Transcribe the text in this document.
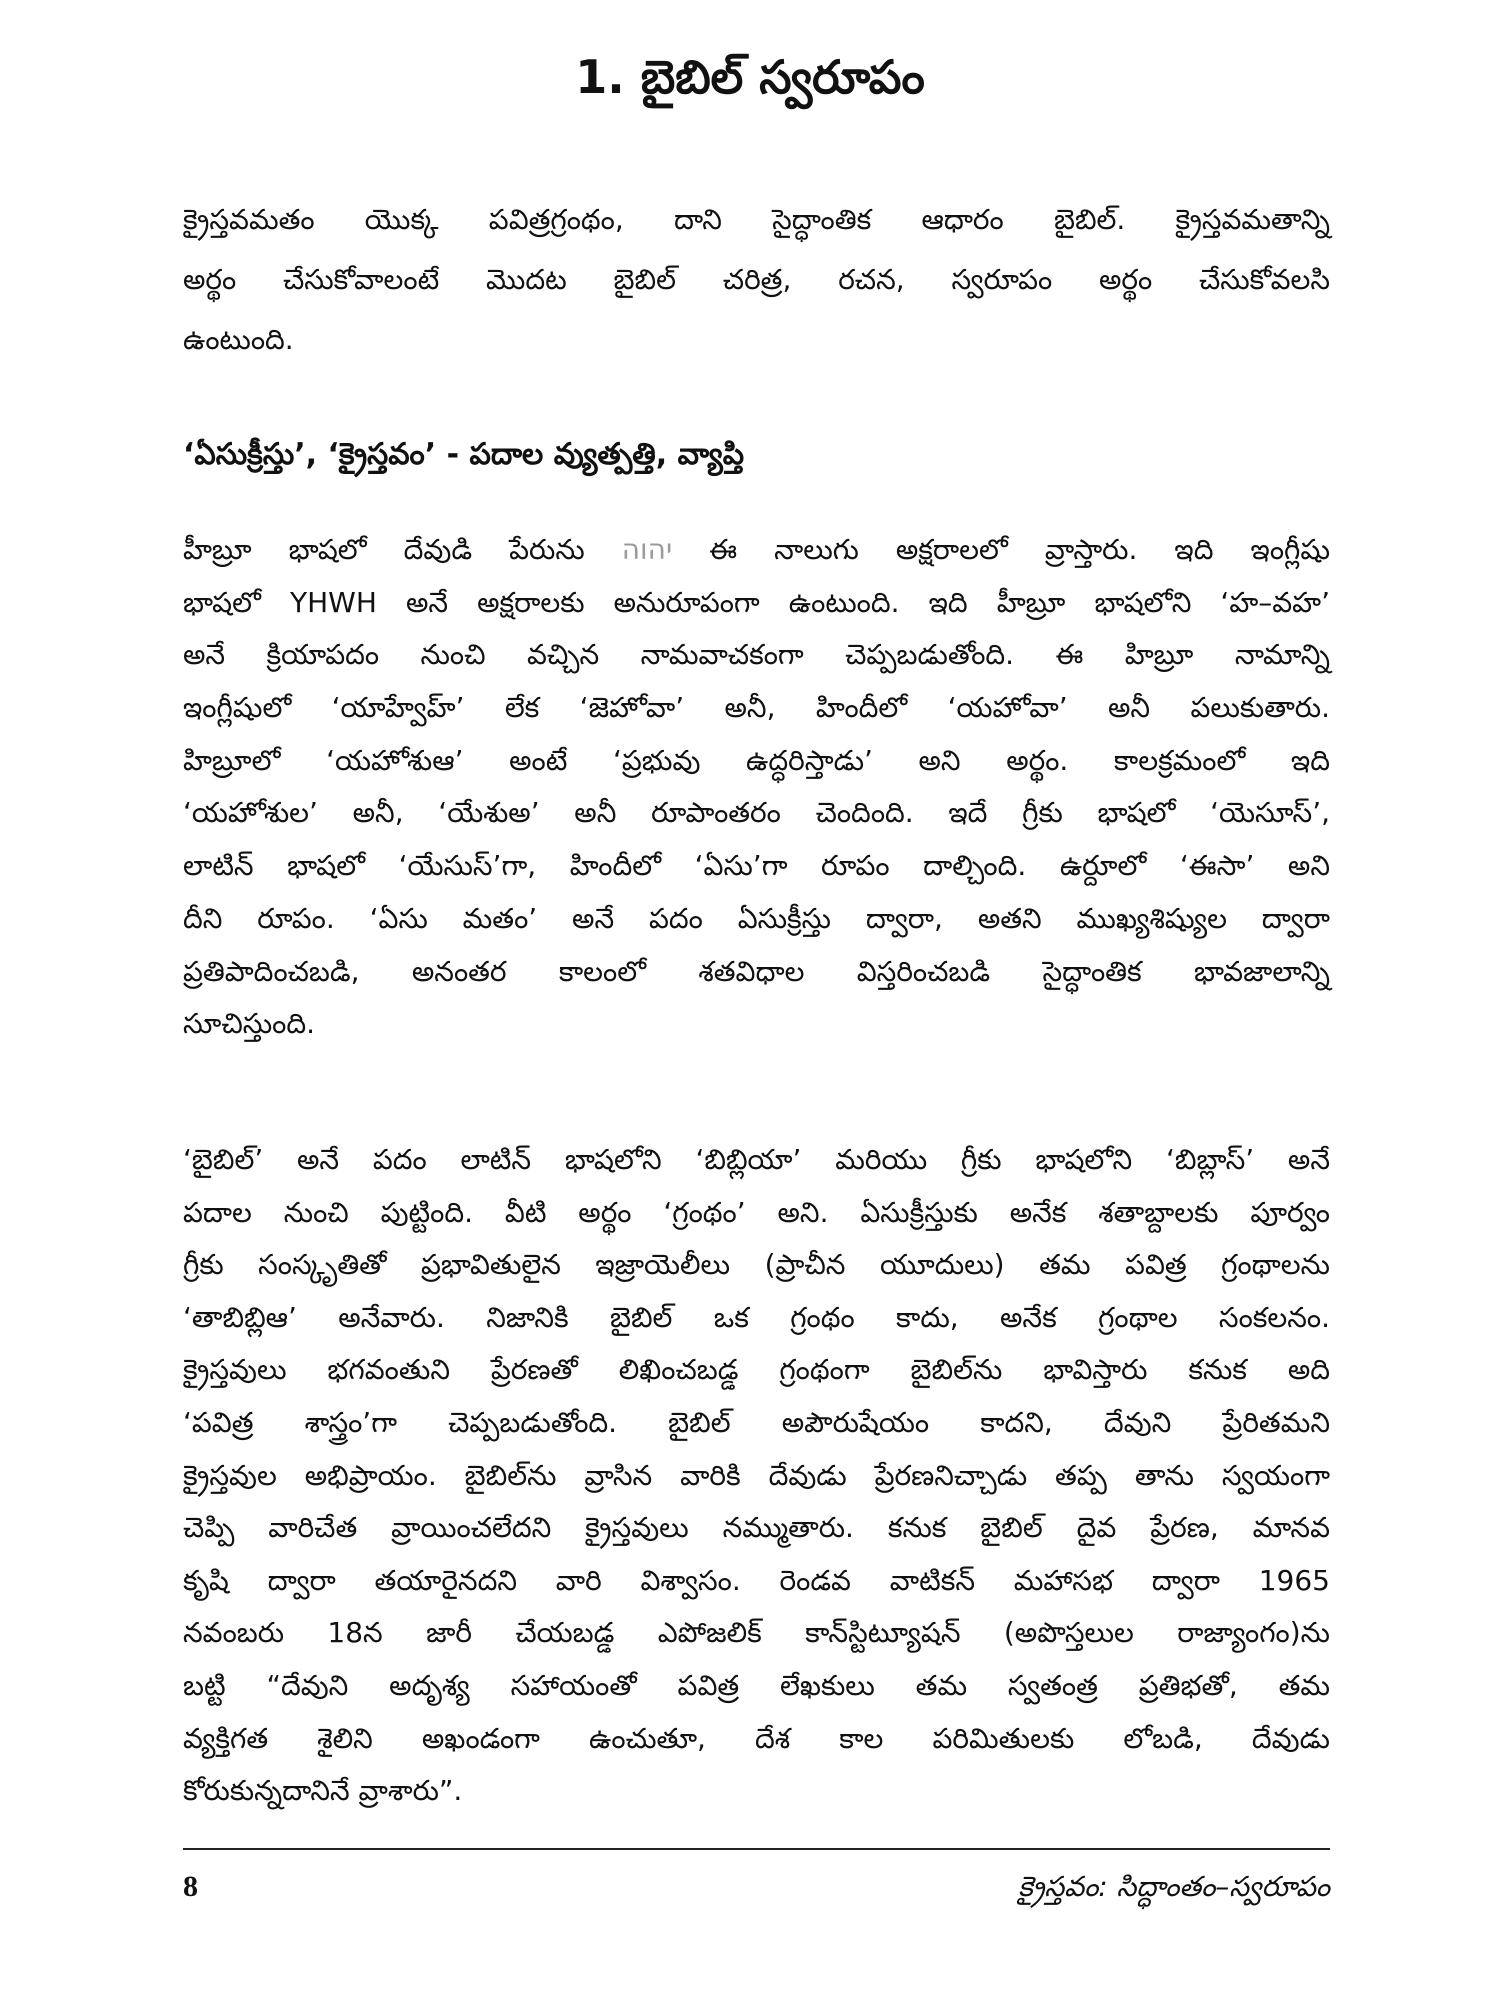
1. బైబిల్ స్వరూపం
క్రైస్తవమతం యొక్క పవిత్రగ్రంథం, దాని సైద్ధాంతిక ఆధారం బైబిల్. క్రైస్తవమతాన్ని
అర్థం చేసుకోవాలంటే మొదట బైబిల్ చరిత్ర, రచన, స్వరూపం అర్థం చేసుకోవలసి
ఉంటుంది.
‘ఏసుక్రీస్తు’, ‘క్రైస్తవం’ - పదాల వ్యుత్పత్తి, వ్యాప్తి
హీబ్రూ భాషలో దేవుడి పేరును יהוה ఈ నాలుగు అక్షరాలలో వ్రాస్తారు. ఇది ఇంగ్లీషు
భాషలో YHWH అనే అక్షరాలకు అనురూపంగా ఉంటుంది. ఇది హీబ్రూ భాషలోని ‘హ–వహ’
అనే క్రియాపదం నుంచి వచ్చిన నామవాచకంగా చెప్పబడుతోంది. ఈ హిబ్రూ నామాన్ని
ఇంగ్లీషులో ‘యాహ్వేహ్’ లేక ‘జెహోవా’ అనీ, హిందీలో ‘యహోవా’ అనీ పలుకుతారు.
హిబ్రూలో ‘యహోశుఆ’ అంటే ‘ప్రభువు ఉద్ధరిస్తాడు’ అని అర్థం. కాలక్రమంలో ఇది
‘యహోశుల’ అనీ, ‘యేశుఅ’ అనీ రూపాంతరం చెందింది. ఇదే గ్రీకు భాషలో ‘యెసూస్’,
లాటిన్ భాషలో ‘యేసుస్’గా, హిందీలో ‘ఏసు’గా రూపం దాల్చింది. ఉర్దూలో ‘ఈసా’ అని
దీని రూపం. ‘ఏసు మతం’ అనే పదం ఏసుక్రీస్తు ద్వారా, అతని ముఖ్యశిష్యుల ద్వారా
ప్రతిపాదించబడి, అనంతర కాలంలో శతవిధాల విస్తరించబడి సైద్ధాంతిక భావజాలాన్ని
సూచిస్తుంది.
‘బైబిల్’ అనే పదం లాటిన్ భాషలోని ‘బిబ్లియా’ మరియు గ్రీకు భాషలోని ‘బిబ్లాస్’ అనే
పదాల నుంచి పుట్టింది. వీటి అర్థం ‘గ్రంథం’ అని. ఏసుక్రీస్తుకు అనేక శతాబ్దాలకు పూర్వం
గ్రీకు సంస్కృతితో ప్రభావితులైన ఇజ్రాయెలీలు (ప్రాచీన యూదులు) తమ పవిత్ర గ్రంథాలను
‘తాబిబ్లిఆ’ అనేవారు. నిజానికి బైబిల్ ఒక గ్రంథం కాదు, అనేక గ్రంథాల సంకలనం.
క్రైస్తవులు భగవంతుని ప్రేరణతో లిఖించబడ్డ గ్రంథంగా బైబిల్‌ను భావిస్తారు కనుక అది
‘పవిత్ర శాస్త్రం’గా చెప్పబడుతోంది. బైబిల్ అపౌరుషేయం కాదని, దేవుని ప్రేరితమని
క్రైస్తవుల అభిప్రాయం. బైబిల్‌ను వ్రాసిన వారికి దేవుడు ప్రేరణనిచ్చాడు తప్ప తాను స్వయంగా
చెప్పి వారిచేత వ్రాయించలేదని క్రైస్తవులు నమ్ముతారు. కనుక బైబిల్ దైవ ప్రేరణ, మానవ
కృషి ద్వారా తయారైనదని వారి విశ్వాసం. రెండవ వాటికన్ మహాసభ ద్వారా 1965
నవంబరు 18న జారీ చేయబడ్డ ఎపోజలిక్ కాన్‌స్టిట్యూషన్ (అపొస్తలుల రాజ్యాంగం)ను
బట్టి “దేవుని అదృశ్య సహాయంతో పవిత్ర లేఖకులు తమ స్వతంత్ర ప్రతిభతో, తమ
వ్యక్తిగత శైలిని అఖండంగా ఉంచుతూ, దేశ కాల పరిమితులకు లోబడి, దేవుడు
కోరుకున్నదానినే వ్రాశారు”.
8	క్రైస్తవం: సిద్ధాంతం–స్వరూపం
